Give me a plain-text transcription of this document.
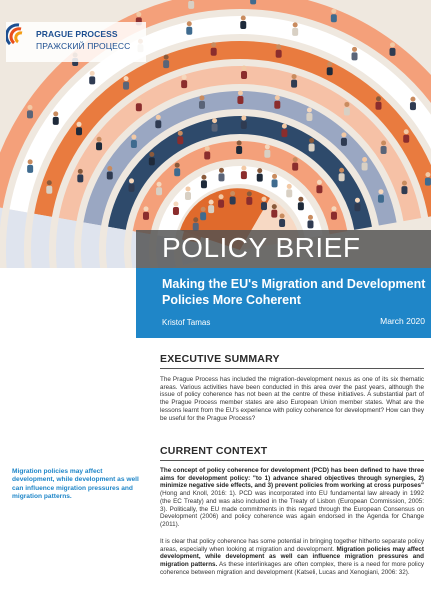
PRAGUE PROCESS
ПРАЖСКИЙ ПРОЦЕСС
POLICY BRIEF
Making the EU's Migration and Development Policies More Coherent
Kristof Tamas	March 2020
EXECUTIVE SUMMARY

The Prague Process has included the migration-development nexus as one of its six thematic areas. Various activities have been conducted in this area over the past years, although the issue of policy coherence has not been at the centre of these initiatives. A substantial part of the Prague Process member states are also European Union member states. What are the lessons learnt from the EU's experience with policy coherence for development? How can they be useful for the Prague Process?

CURRENT CONTEXT

The concept of policy coherence for development (PCD) has been defined to have three aims for development policy: "to 1) advance shared objectives through synergies, 2) minimize negative side effects, and 3) prevent policies from working at cross purposes" (Hong and Knoll, 2016: 1). PCD was incorporated into EU fundamental law already in 1992 (the EC Treaty) and was also included in the Treaty of Lisbon (European Commission, 2005: 3). Politically, the EU made commitments in this regard through the European Consensus on Development (2006) and policy coherence was again endorsed in the Agenda for Change (2011).

It is clear that policy coherence has some potential in bringing together hitherto separate policy areas, especially when looking at migration and development. Migration policies may affect development, while development as well can influence migration pressures and migration patterns. As these interlinkages are often complex, there is a need for more policy coherence between migration and development (Katseli, Lucas and Xenogiani, 2006: 32).

Migration policies may affect development, while development as well can influence migration pressures and migration patterns.
